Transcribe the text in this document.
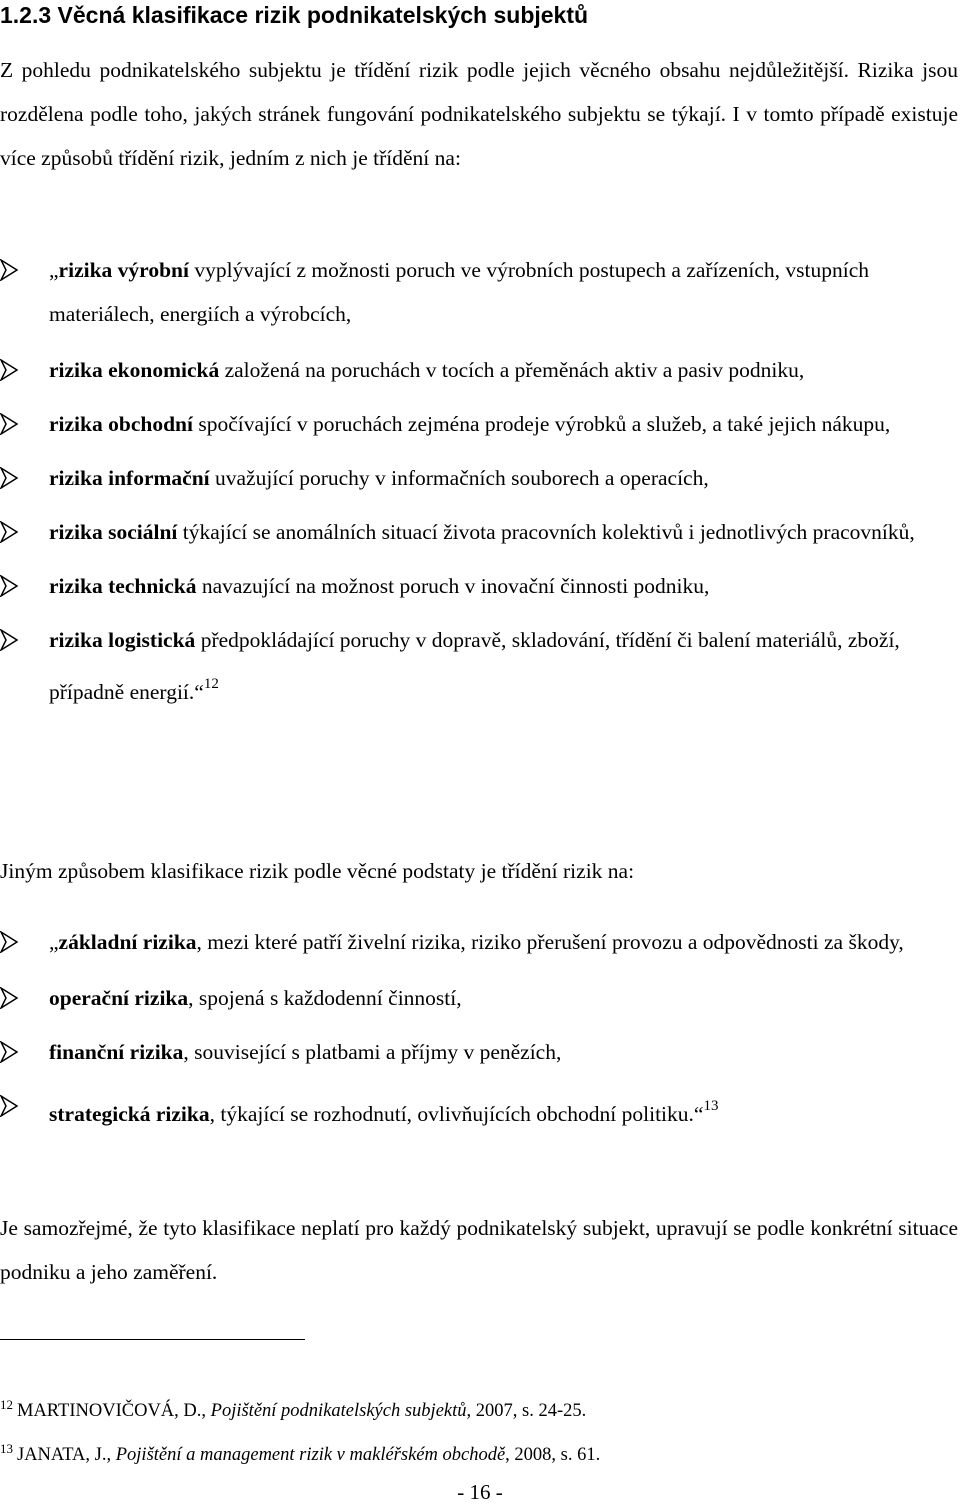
1.2.3 Věcná klasifikace rizik podnikatelských subjektů

Z pohledu podnikatelského subjektu je třídění rizik podle jejich věcného obsahu nejdůležitější. Rizika jsou rozdělena podle toho, jakých stránek fungování podnikatelského subjektu se týkají. I v tomto případě existuje více způsobů třídění rizik, jedním z nich je třídění na:

„rizika výrobní vyplývající z možnosti poruch ve výrobních postupech a zařízeních, vstupních materiálech, energiích a výrobcích,
rizika ekonomická založená na poruchách v tocích a přeměnách aktiv a pasiv podniku,
rizika obchodní spočívající v poruchách zejména prodeje výrobků a služeb, a také jejich nákupu,
rizika informační uvažující poruchy v informačních souborech a operacích,
rizika sociální týkající se anomálních situací života pracovních kolektivů i jednotlivých pracovníků,
rizika technická navazující na možnost poruch v inovační činnosti podniku,
rizika logistická předpokládající poruchy v dopravě, skladování, třídění či balení materiálů, zboží, případně energií.“$^{12}$

Jiným způsobem klasifikace rizik podle věcné podstaty je třídění rizik na:

„základní rizika, mezi které patří živelní rizika, riziko přerušení provozu a odpovědnosti za škody,
operační rizika, spojená s každodenní činností,
finanční rizika, související s platbami a příjmy v penězích,
strategická rizika, týkající se rozhodnutí, ovlivňujících obchodní politiku.“$^{13}$

Je samozřejmé, že tyto klasifikace neplatí pro každý podnikatelský subjekt, upravují se podle konkrétní situace podniku a jeho zaměření.

$^{12}$ MARTINOVIČOVÁ, D., Pojištění podnikatelských subjektů, 2007, s. 24-25.

$^{13}$ JANATA, J., Pojištění a management rizik v makléřském obchodě, 2008, s. 61.

- 16 -
